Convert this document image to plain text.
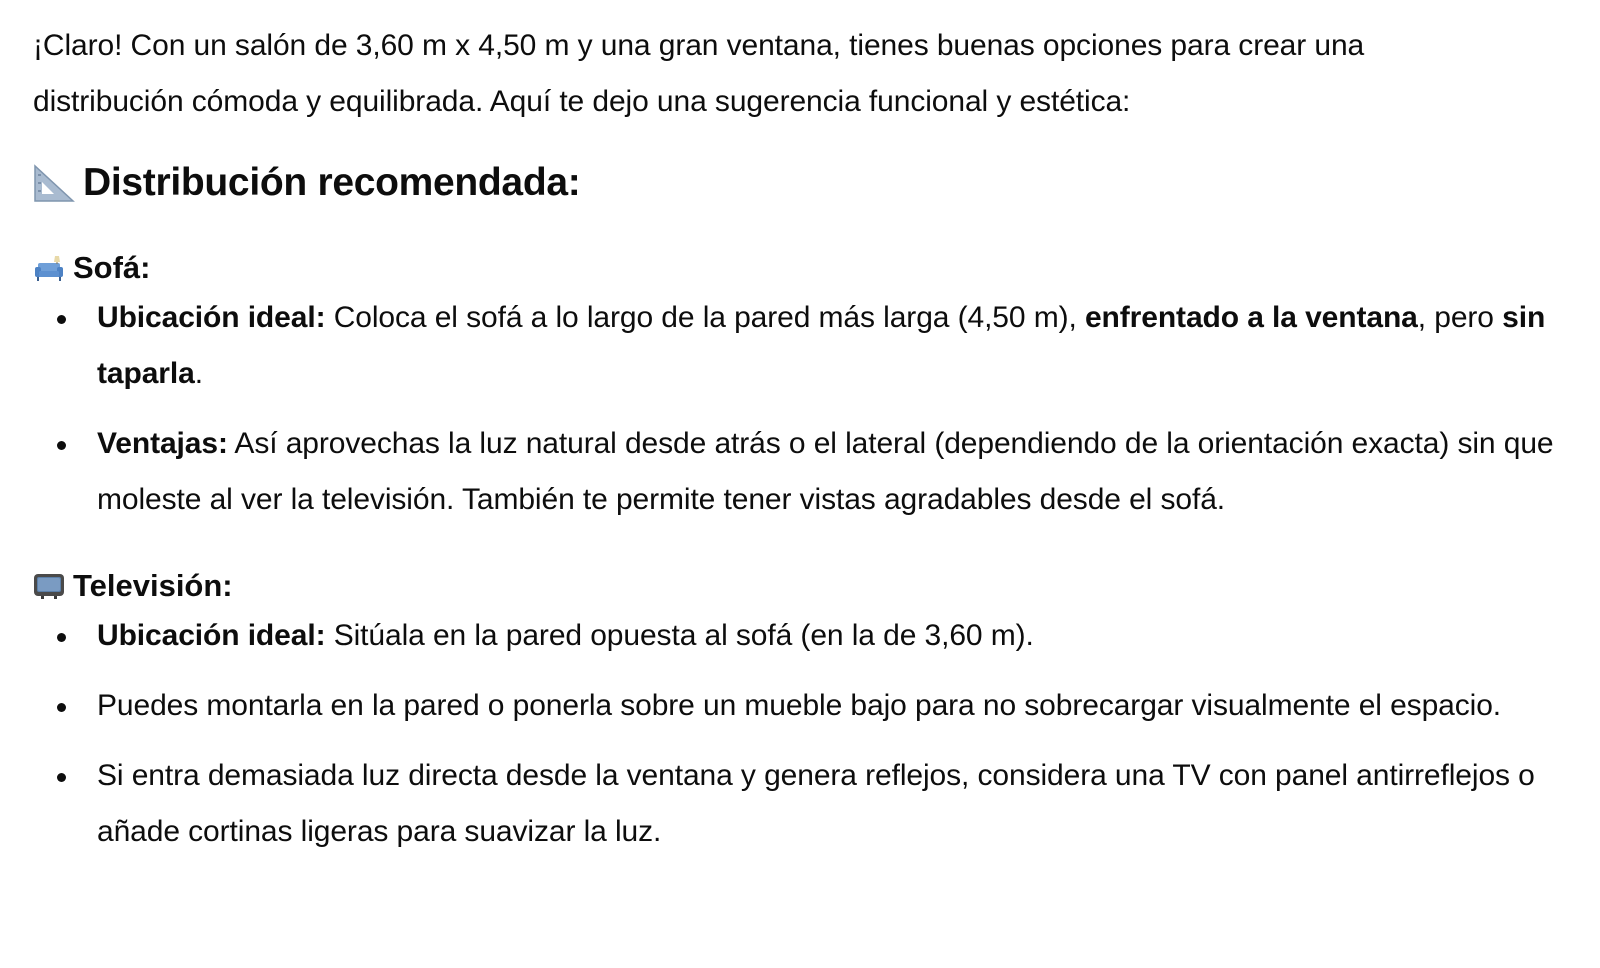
¡Claro! Con un salón de 3,60 m x 4,50 m y una gran ventana, tienes buenas opciones para crear una
distribución cómoda y equilibrada. Aquí te dejo una sugerencia funcional y estética:

Distribución recomendada:
Sofá:
Ubicación ideal: Coloca el sofá a lo largo de la pared más larga (4,50 m), enfrentado a la ventana, pero sin taparla.
Ventajas: Así aprovechas la luz natural desde atrás o el lateral (dependiendo de la orientación exacta) sin que moleste al ver la televisión. También te permite tener vistas agradables desde el sofá.
Televisión:
Ubicación ideal: Sitúala en la pared opuesta al sofá (en la de 3,60 m).
Puedes montarla en la pared o ponerla sobre un mueble bajo para no sobrecargar visualmente el espacio.
Si entra demasiada luz directa desde la ventana y genera reflejos, considera una TV con panel antirreflejos o añade cortinas ligeras para suavizar la luz.
